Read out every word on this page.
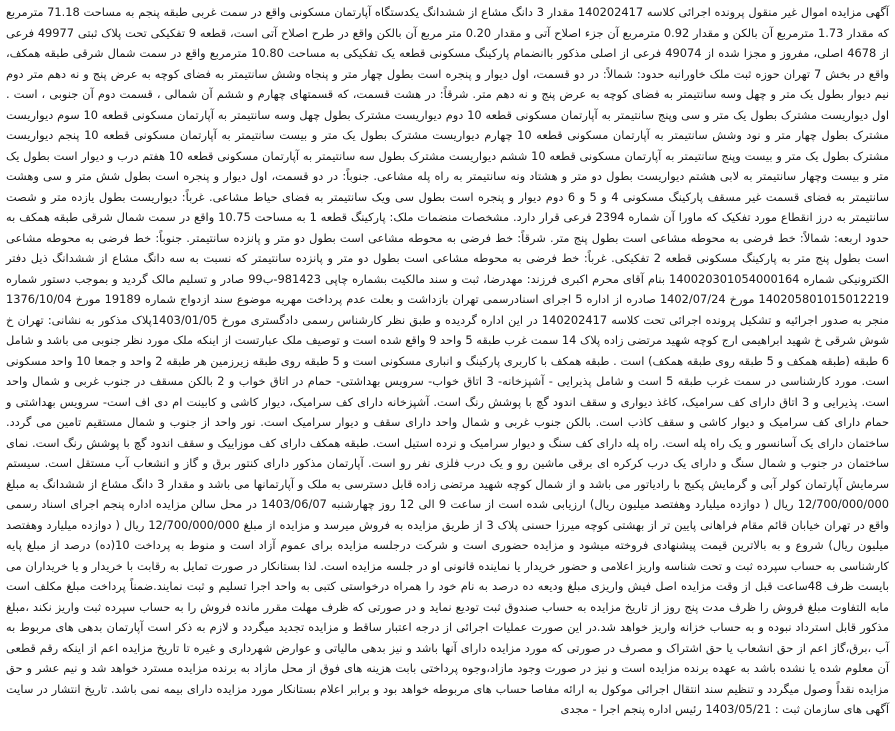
آگهی مزایده اموال غیر منقول پرونده اجرائی کلاسه 140202417 مقدار 3 دانگ مشاع از ششدانگ یکدستگاه آپارتمان مسکونی واقع در سمت غربی طبقه پنجم به مساحت 71.18 مترمربع که مقدار 1.73 مترمربع آن بالکن و مقدار 0.92 مترمربع آن جزء اصلاح آتی و مقدار 0.20 متر مربع آن بالکن واقع در طرح اصلاح آتی است، قطعه 9 تفکیکی تحت پلاک ثبتی 49977 فرعی از 4678 اصلی، مفروز و مجزا شده از 49074 فرعی از اصلی مذکور باانضمام پارکینگ مسکونی قطعه یک تفکیکی به مساحت 10.80 مترمربع واقع در سمت شمال شرقی طبقه همکف، واقع در بخش 7 تهران حوزه ثبت ملک خاورانبه حدود: شمالاً: در دو قسمت، اول دیوار و پنجره است بطول چهار متر و پنجاه وشش سانتیمتر به فضای کوچه به عرض پنج و نه دهم متر دوم نیم دیوار بطول یک متر و چهل وسه سانتیمتر به فضای کوچه به عرض پنج و نه دهم متر. شرقاً: در هشت قسمت، که قسمتهای چهارم و ششم آن شمالی ، قسمت دوم آن جنوبی ، است . اول دیواریست مشترک بطول یک متر و سی وپنج سانتیمتر به آپارتمان مسکونی قطعه 10 دوم دیواریست مشترک بطول چهل وسه سانتیمتر به آپارتمان مسکونی قطعه 10 سوم دیواریست مشترک بطول چهار متر و نود وشش سانتیمتر به آپارتمان مسکونی قطعه 10 چهارم دیواریست مشترک بطول یک متر و بیست سانتیمتر به آپارتمان مسکونی قطعه 10 پنجم دیواریست مشترک بطول یک متر و بیست وپنج سانتیمتر به آپارتمان مسکونی قطعه 10 ششم دیواریست مشترک بطول سه سانتیمتر به آپارتمان مسکونی قطعه 10 هفتم درب و دیوار است بطول یک متر و بیست وچهار سانتیمتر به لابی هشتم دیواریست بطول دو متر و هشتاد ونه سانتیمتر به راه پله مشاعی. جنوباً: در دو قسمت، اول دیوار و پنجره است بطول شش متر و سی وهشت سانتیمتر به فضای قسمت غیر مسقف پارکینگ مسکونی 4 و 5 و 6 دوم دیوار و پنجره است بطول سی ویک سانتیمتر به فضای حیاط مشاعی. غرباً: دیواریست بطول یازده متر و شصت سانتیمتر به درز انقطاع مورد تفکیک که ماورا آن شماره 2394 فرعی قرار دارد. مشخصات منضمات ملک: پارکینگ قطعه 1 به مساحت 10.75 واقع در سمت شمال شرقی طبقه همکف به حدود اربعه: شمالاً: خط فرضی به محوطه مشاعی است بطول پنج متر. شرقاً: خط فرضی به محوطه مشاعی است بطول دو متر و پانزده سانتیمتر. جنوباً: خط فرضی به محوطه مشاعی است بطول پنج متر به پارکینگ مسکونی قطعه 2 تفکیکی. غرباً: خط فرضی به محوطه مشاعی است بطول دو متر و پانزده سانتیمتر که نسبت به سه دانگ مشاع از ششدانگ ذیل دفتر الکترونیکی شماره 140020301054000164 بنام آقای محرم اکبری فرزند: مهدرضا، ثبت و سند مالکیت بشماره چاپی 981423-ب99 صادر و تسلیم مالک گردید و بموجب دستور شماره 140205801015012219 مورخ 1402/07/24 صادره از اداره 5 اجرای اسنادرسمی تهران بازداشت و بعلت عدم پرداخت مهریه موضوع سند ازدواج شماره 19189 مورخ 1376/10/04 منجر به صدور اجرائیه و تشکیل پرونده اجرائی تحت کلاسه 140202417 در این اداره گردیده و طبق نظر کارشناس رسمی دادگستری مورخ 1403/01/05پلاک مذکور به نشانی: تهران خ شوش شرقی خ شهید ابراهیمی ارج کوچه شهید مرتضی زاده پلاک 14 سمت غرب طبقه 5 واحد 9 واقع شده است و توصیف ملک عبارتست از اینکه ملک مورد نظر جنوبی می باشد و شامل 6 طبقه (طبقه همکف و 5 طبقه روی طبقه همکف) است . طبقه همکف با کاربری پارکینگ و انباری مسکونی است و 5 طبقه روی طبقه زیرزمین هر طبقه 2 واحد و جمعا 10 واحد مسکونی است. مورد کارشناسی در سمت غرب طبقه 5 است و شامل پذیرایی - آشپزخانه- 3 اتاق خواب- سرویس بهداشتی- حمام در اتاق خواب و 2 بالکن مسقف در جنوب غربی و شمال واحد است. پذیرایی و 3 اتاق دارای کف سرامیک، کاغذ دیواری و سقف اندود گچ با پوشش رنگ است. آشپزخانه دارای کف سرامیک، دیوار کاشی و کابینت ام دی اف است- سرویس بهداشتی و حمام دارای کف سرامیک و دیوار کاشی و سقف کاذب است. بالکن جنوب غربی و شمال واحد دارای سقف و دیوار سرامیک است. نور واحد از جنوب و شمال مستقیم تامین می گردد. ساختمان دارای یک آسانسور و یک راه پله است. راه پله دارای کف سنگ و دیوار سرامیک و نرده استیل است. طبقه همکف دارای کف موزاییک و سقف اندود گچ با پوشش رنگ است. نمای ساختمان در جنوب و شمال سنگ و دارای یک درب کرکره ای برقی ماشین رو و یک درب فلزی نفر رو است. آپارتمان مذکور دارای کنتور برق و گاز و انشعاب آب مستقل است. سیستم سرمایش آپارتمان کولر آبی و گرمایش پکیج با رادیاتور می باشد و از شمال کوچه شهید مرتضی زاده قابل دسترسی به ملک و آپارتمانها می باشد و مقدار 3 دانگ مشاع از ششدانگ به مبلغ 12/700/000/000 ریال ( دوازده میلیارد وهفتصد میلیون ریال) ارزیابی شده است از ساعت 9 الی 12 روز چهارشنبه 1403/06/07 در محل سالن مزایده اداره پنجم اجرای اسناد رسمی واقع در تهران خیابان قائم مقام فراهانی پایین تر از بهشتی کوچه میرزا حسنی پلاک 3 از طریق مزایده به فروش میرسد و مزایده از مبلغ 12/700/000/000 ریال ( دوازده میلیارد وهفتصد میلیون ریال) شروع و به بالاترین قیمت پیشنهادی فروخته میشود و مزایده حضوری است و شرکت درجلسه مزایده برای عموم آزاد است و منوط به پرداخت 10(ده) درصد از مبلغ پایه کارشناسی به حساب سپرده ثبت و تحت شناسه واریز اعلامی و حضور خریدار یا نماینده قانونی او در جلسه مزایده است. لذا بستانکار در صورت تمایل به رقابت با خریدار و یا خریداران می بایست ظرف 48ساعت قبل از وقت مزایده اصل فیش واریزی مبلغ ودیعه ده درصد به نام خود را همراه درخواستی کتبی به واحد اجرا تسلیم و ثبت نمایند.ضمناً پرداخت مبلغ مکلف است مابه التفاوت مبلغ فروش را ظرف مدت پنج روز از تاریخ مزایده به حساب صندوق ثبت تودیع نماید و در صورتی که ظرف مهلت مقرر مانده فروش را به حساب سپرده ثبت واریز نکند ،مبلغ مذکور قابل استرداد نبوده و به حساب خزانه واریز خواهد شد.در این صورت عملیات اجرائی از درجه اعتبار ساقط و مزایده تجدید میگردد و لازم به ذکر است آپارتمان بدهی های مربوط به آب ،برق،گاز اعم از حق انشعاب یا حق اشتراک و مصرف در صورتی که مورد مزایده دارای آنها باشد و نیز بدهی مالیاتی و عوارض شهرداری و غیره تا تاریخ مزایده اعم از اینکه رقم قطعی آن معلوم شده یا نشده باشد به عهده برنده مزایده است و نیز در صورت وجود مازاد،وجوه پرداختی بابت هزینه های فوق از محل مازاد به برنده مزایده مسترد خواهد شد و نیم عشر و حق مزایده نقداً وصول میگردد و تنظیم سند انتقال اجرائی موکول به ارائه مفاصا حساب های مربوطه خواهد بود و برابر اعلام بستانکار مورد مزایده دارای بیمه نمی باشد. تاریخ انتشار در سایت آگهی های سازمان ثبت : 1403/05/21 رئیس اداره پنجم اجرا - مجدی
